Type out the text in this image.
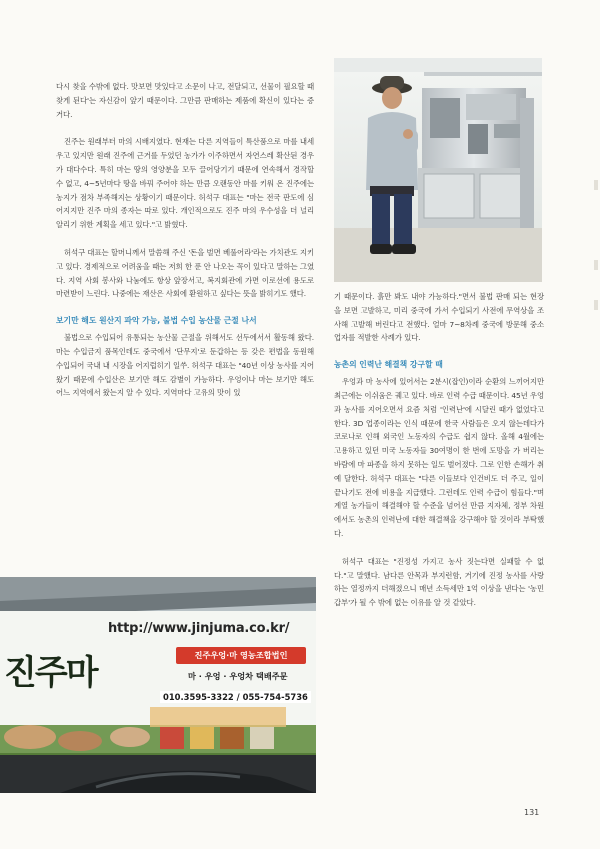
다시 찾을 수밖에 없다. 맛보면 맛있다고 소문이 나고, 전달되고, 선물이 필요할 때 찾게 된다'는 자신감이 앞기 때문이다. 그만큼 판매하는 제품에 확신이 있다는 증거다.

진주는 원래부터 마의 시배지였다. 현재는 다른 지역들이 특산품으로 마를 내세우고 있지만 원래 진주에 근거를 두었던 농가가 이주하면서 자연스레 확산된 경우가 대다수다. 특히 마는 땅의 영양분을 모두 끌어당기기 때문에 연속해서 경작할 수 없고, 4~5년마다 땅을 바꿔 주어야 하는 만큼 오랜동안 마를 키워 온 진주에는 농지가 점차 부족해지는 상황이기 때문이다. 허석구 대표는 "마는 전국 판도에 심어지지만 진주 마의 종자는 따로 있다. 개인적으로도 진주 마의 우수성을 더 널리 알리기 위한 계획을 세고 있다."고 밝혔다.

허석구 대표는 할머니께서 말씀해 주신 '돈을 벌면 베풀어라'라는 가치관도 지키고 있다. 경제적으로 어려움을 때는 저희 한 푼 안 나오는 꼭이 있다고 말하는 그였다. 지역 사회 봉사와 나눔에도 항상 앞장서고, 복지회관에 가면 이로선에 용도로 마련받이 느린다. 나중에는 재산은 사회에 환원하고 싶다는 뜻을 밝히기도 했다.

보기만 해도 원산지 파악 가능, 불법 수입 농산물 근절 나서

불법으로 수입되어 유통되는 농산물 근절을 위해서도 선두에서서 활동해 왔다. 마는 수입금지 품목인데도 중국에서 '단무지'로 둔갑하는 등 갖은 편법을 동원해 수입되어 국내 내 시장을 어지럽히기 일쑤. 허석구 대표는 "40년 이상 농사를 지어 왔기 때문에 수입산은 보기만 해도 감별이 가능하다. 우엉이나 마는 보기만 해도 어느 지역에서 왔는지 알 수 있다. 지역마다 고유의 맛이 있

기 때문이다. 흙만 봐도 내야 가능하다."면서 불법 판매 되는 현장을 보면 고발하고, 미리 중국에 가서 수입되기 사전에 무역상을 조사해 고발해 버린다고 전했다. 얼마 7~8차례 중국에 방문해 중소업자를 적발한 사례가 있다.

농촌의 인력난 해결책 강구할 때

우엉과 마 농사에 있어서는 2분시(잡인)이라 순환의 느끼어지만 최근에는 이쉬움은 궤고 있다. 바로 인력 수급 때문이다. 45년 우엉과 농사를 지어오면서 요즘 처럼 '인력난'에 시달린 때가 없었다고 한다. 3D 업종이라는 인식 때문에 한국 사람들은 오지 않는데다가 코로나로 인해 외국인 노동자의 수급도 쉽지 않다. 올해 4월에는 고용하고 있던 미국 노동자들 30여명이 한 번에 도망을 가 버리는 바람에 마 파종을 하지 못하는 일도 벌어졌다. 그로 인한 손해가 취예 달한다. 허석구 대표는 "다른 이들보다 인건비도 더 주고, 일이 끝나기도 전에 비용을 지급했다. 그런데도 인력 수급이 힘들다."며 계열 농가들이 해결해야 할 수준을 넘어선 만큼 지자체, 정부 차원에서도 농촌의 인력난에 대한 해결책을 강구해야 할 것이라 부탁했다.

허석구 대표는 "진정성 가지고 농사 짓는다면 실패할 수 없다."고 말했다. 남다른 안목과 부지런함, 거기에 진정 농사를 사랑하는 열정까지 더해졌으니 매년 소득세만 1억 이상을 낸다는 '농민 갑부'가 될 수 밖에 없는 이유를 알 것 같았다.

http://www.jinjuma.co.kr/
진주마	진주우엉·마 영농조합법인
마 · 우엉 · 우엉차 택배주문
010.3595-3322 / 055-754-5736
131
